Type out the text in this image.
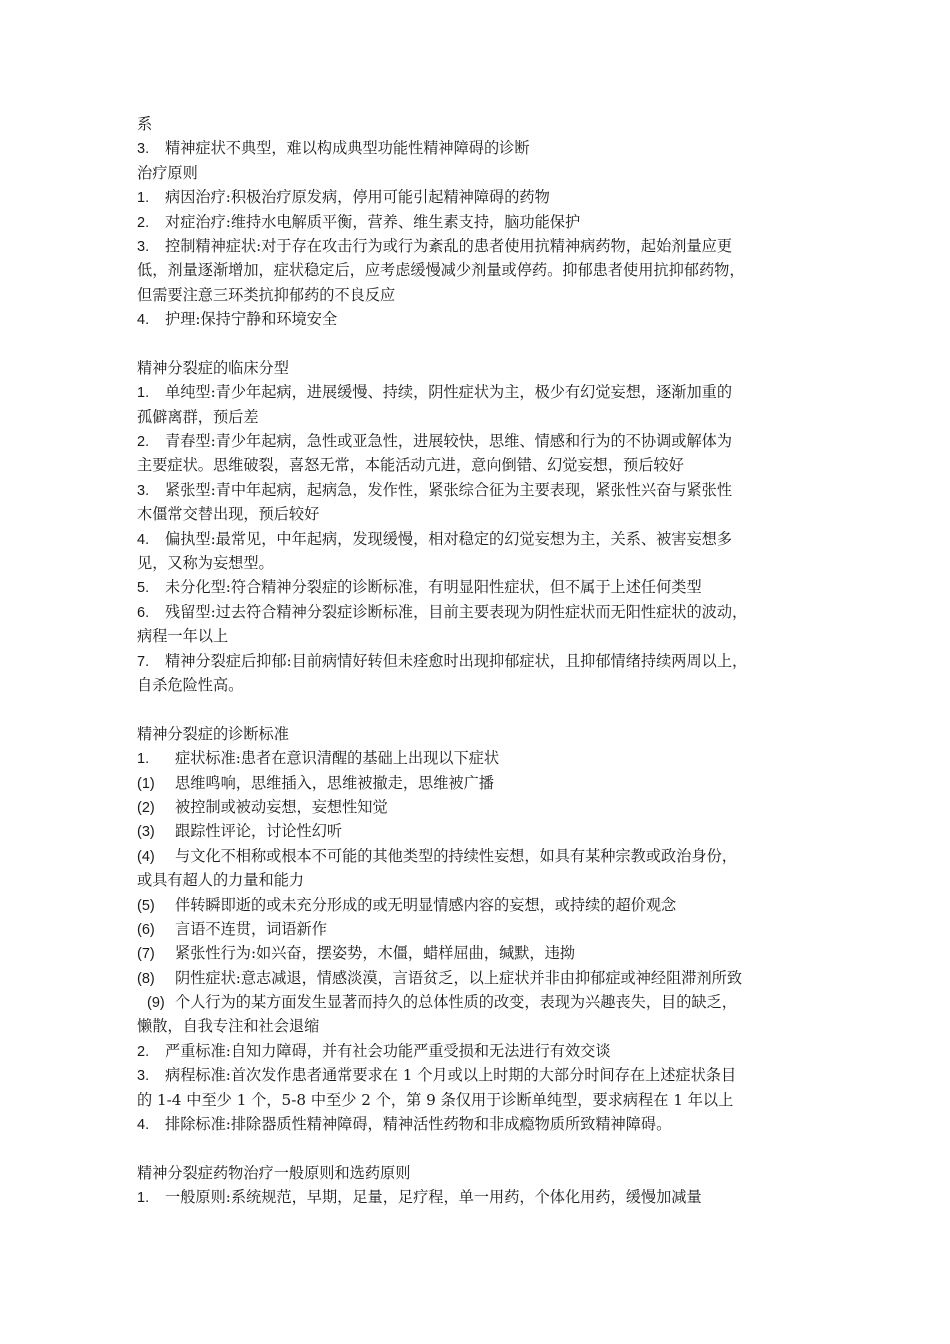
系
3. 精神症状不典型，难以构成典型功能性精神障碍的诊断
治疗原则
1. 病因治疗:积极治疗原发病，停用可能引起精神障碍的药物
2. 对症治疗:维持水电解质平衡，营养、维生素支持，脑功能保护
3. 控制精神症状:对于存在攻击行为或行为紊乱的患者使用抗精神病药物，起始剂量应更
低，剂量逐渐增加，症状稳定后，应考虑缓慢减少剂量或停药。抑郁患者使用抗抑郁药物，
但需要注意三环类抗抑郁药的不良反应
4. 护理:保持宁静和环境安全
精神分裂症的临床分型
1. 单纯型:青少年起病，进展缓慢、持续，阴性症状为主，极少有幻觉妄想，逐渐加重的
孤僻离群，预后差
2. 青春型:青少年起病，急性或亚急性，进展较快，思维、情感和行为的不协调或解体为
主要症状。思维破裂，喜怒无常，本能活动亢进，意向倒错、幻觉妄想，预后较好
3. 紧张型:青中年起病，起病急，发作性，紧张综合征为主要表现，紧张性兴奋与紧张性
木僵常交替出现，预后较好
4. 偏执型:最常见，中年起病，发现缓慢，相对稳定的幻觉妄想为主，关系、被害妄想多
见，又称为妄想型。
5. 未分化型:符合精神分裂症的诊断标准，有明显阳性症状，但不属于上述任何类型
6. 残留型:过去符合精神分裂症诊断标准，目前主要表现为阴性症状而无阳性症状的波动，
病程一年以上
7. 精神分裂症后抑郁:目前病情好转但未痊愈时出现抑郁症状，且抑郁情绪持续两周以上，
自杀危险性高。
精神分裂症的诊断标准
1. 症状标准:患者在意识清醒的基础上出现以下症状
(1) 思维鸣响，思维插入，思维被撤走，思维被广播
(2) 被控制或被动妄想，妄想性知觉
(3) 跟踪性评论，讨论性幻听
(4) 与文化不相称或根本不可能的其他类型的持续性妄想，如具有某种宗教或政治身份，
或具有超人的力量和能力
(5) 伴转瞬即逝的或未充分形成的或无明显情感内容的妄想，或持续的超价观念
(6) 言语不连贯，词语新作
(7) 紧张性行为:如兴奋，摆姿势，木僵，蜡样屈曲，缄默，违拗
(8) 阴性症状:意志减退，情感淡漠，言语贫乏，以上症状并非由抑郁症或神经阻滞剂所致
(9) 个人行为的某方面发生显著而持久的总体性质的改变，表现为兴趣丧失，目的缺乏，
懒散，自我专注和社会退缩
2. 严重标准:自知力障碍，并有社会功能严重受损和无法进行有效交谈
3. 病程标准:首次发作患者通常要求在 1 个月或以上时期的大部分时间存在上述症状条目
的 1-4 中至少 1 个，5-8 中至少 2 个，第 9 条仅用于诊断单纯型，要求病程在 1 年以上
4. 排除标准:排除器质性精神障碍，精神活性药物和非成瘾物质所致精神障碍。
精神分裂症药物治疗一般原则和选药原则
1. 一般原则:系统规范，早期，足量，足疗程，单一用药，个体化用药，缓慢加减量
